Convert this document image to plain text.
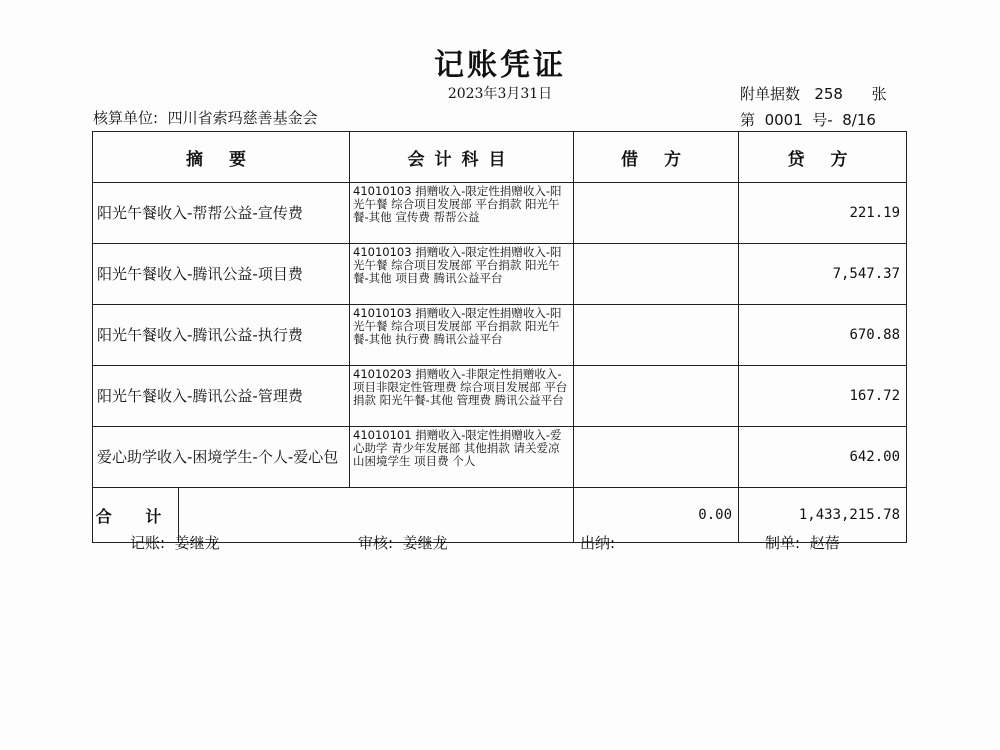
记账凭证
2023年3月31日	附单据数 258 张
核算单位: 四川省索玛慈善基金会	第 0001 号- 8/16
摘 要		会计科目	借 方	贷 方
阳光午餐收入-帮帮公益-宣传费		41010103 捐赠收入-限定性捐赠收入-阳光午餐 综合项目发展部 平台捐款 阳光午餐-其他 宣传费 帮帮公益		221.19
阳光午餐收入-腾讯公益-项目费		41010103 捐赠收入-限定性捐赠收入-阳光午餐 综合项目发展部 平台捐款 阳光午餐-其他 项目费 腾讯公益平台		7,547.37
阳光午餐收入-腾讯公益-执行费		41010103 捐赠收入-限定性捐赠收入-阳光午餐 综合项目发展部 平台捐款 阳光午餐-其他 执行费 腾讯公益平台		670.88
阳光午餐收入-腾讯公益-管理费		41010203 捐赠收入-非限定性捐赠收入-项目非限定性管理费 综合项目发展部 平台捐款 阳光午餐-其他 管理费 腾讯公益平台		167.72
爱心助学收入-困境学生-个人-爱心包		41010101 捐赠收入-限定性捐赠收入-爱心助学 青少年发展部 其他捐款 请关爱凉山困境学生 项目费 个人		642.00
合 计			0.00	1,433,215.78
记账:  姜继龙	审核:  姜继龙	出纳:	制单:  赵蓓
